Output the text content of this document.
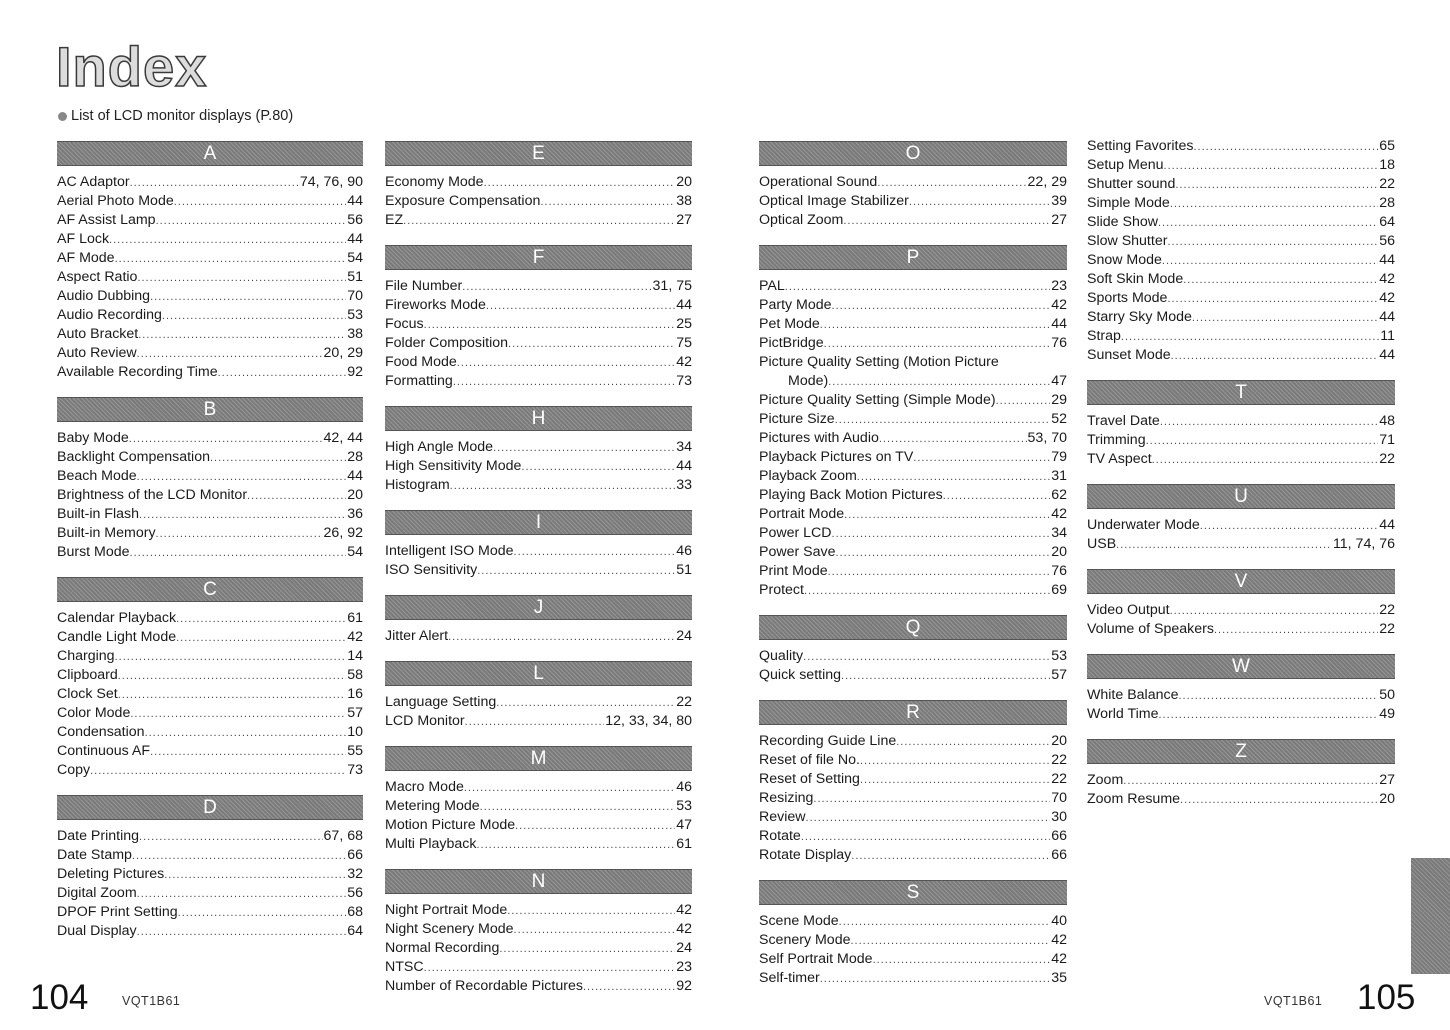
Index
List of LCD monitor displays (P.80)
A
AC Adaptor .....	74, 76, 90
Aerial Photo Mode .....	44
AF Assist Lamp .....	56
AF Lock .....	44
AF Mode .....	54
Aspect Ratio .....	51
Audio Dubbing .....	70
Audio Recording .....	53
Auto Bracket .....	38
Auto Review .....	20, 29
Available Recording Time .....	92
B
Baby Mode .....	42, 44
Backlight Compensation .....	28
Beach Mode .....	44
Brightness of the LCD Monitor .....	20
Built-in Flash .....	36
Built-in Memory .....	26, 92
Burst Mode .....	54
C
Calendar Playback .....	61
Candle Light Mode .....	42
Charging .....	14
Clipboard .....	58
Clock Set .....	16
Color Mode .....	57
Condensation .....	10
Continuous AF .....	55
Copy .....	73
D
Date Printing .....	67, 68
Date Stamp .....	66
Deleting Pictures .....	32
Digital Zoom .....	56
DPOF Print Setting .....	68
Dual Display .....	64
E
Economy Mode .....	20
Exposure Compensation .....	38
EZ .....	27
F
File Number .....	31, 75
Fireworks Mode .....	44
Focus .....	25
Folder Composition .....	75
Food Mode .....	42
Formatting .....	73
H
High Angle Mode .....	34
High Sensitivity Mode .....	44
Histogram .....	33
I
Intelligent ISO Mode .....	46
ISO Sensitivity .....	51
J
Jitter Alert .....	24
L
Language Setting .....	22
LCD Monitor .....	12, 33, 34, 80
M
Macro Mode .....	46
Metering Mode .....	53
Motion Picture Mode .....	47
Multi Playback .....	61
N
Night Portrait Mode .....	42
Night Scenery Mode .....	42
Normal Recording .....	24
NTSC .....	23
Number of Recordable Pictures .....	92
O
Operational Sound .....	22, 29
Optical Image Stabilizer .....	39
Optical Zoom .....	27
P
PAL .....	23
Party Mode .....	42
Pet Mode .....	44
PictBridge .....	76
Picture Quality Setting (Motion Picture
Mode) .....	47
Picture Quality Setting (Simple Mode) .....	29
Picture Size .....	52
Pictures with Audio .....	53, 70
Playback Pictures on TV .....	79
Playback Zoom .....	31
Playing Back Motion Pictures .....	62
Portrait Mode .....	42
Power LCD .....	34
Power Save .....	20
Print Mode .....	76
Protect .....	69
Q
Quality .....	53
Quick setting .....	57
R
Recording Guide Line .....	20
Reset of file No. .....	22
Reset of Setting .....	22
Resizing .....	70
Review .....	30
Rotate .....	66
Rotate Display .....	66
S
Scene Mode .....	40
Scenery Mode .....	42
Self Portrait Mode .....	42
Self-timer .....	35
Setting Favorites .....	65
Setup Menu .....	18
Shutter sound .....	22
Simple Mode .....	28
Slide Show .....	64
Slow Shutter .....	56
Snow Mode .....	44
Soft Skin Mode .....	42
Sports Mode .....	42
Starry Sky Mode .....	44
Strap .....	11
Sunset Mode .....	44
T
Travel Date .....	48
Trimming .....	71
TV Aspect .....	22
U
Underwater Mode .....	44
USB .....	11, 74, 76
V
Video Output .....	22
Volume of Speakers .....	22
W
White Balance .....	50
World Time .....	49
Z
Zoom .....	27
Zoom Resume .....	20
104	VQT1B61	VQT1B61 105
